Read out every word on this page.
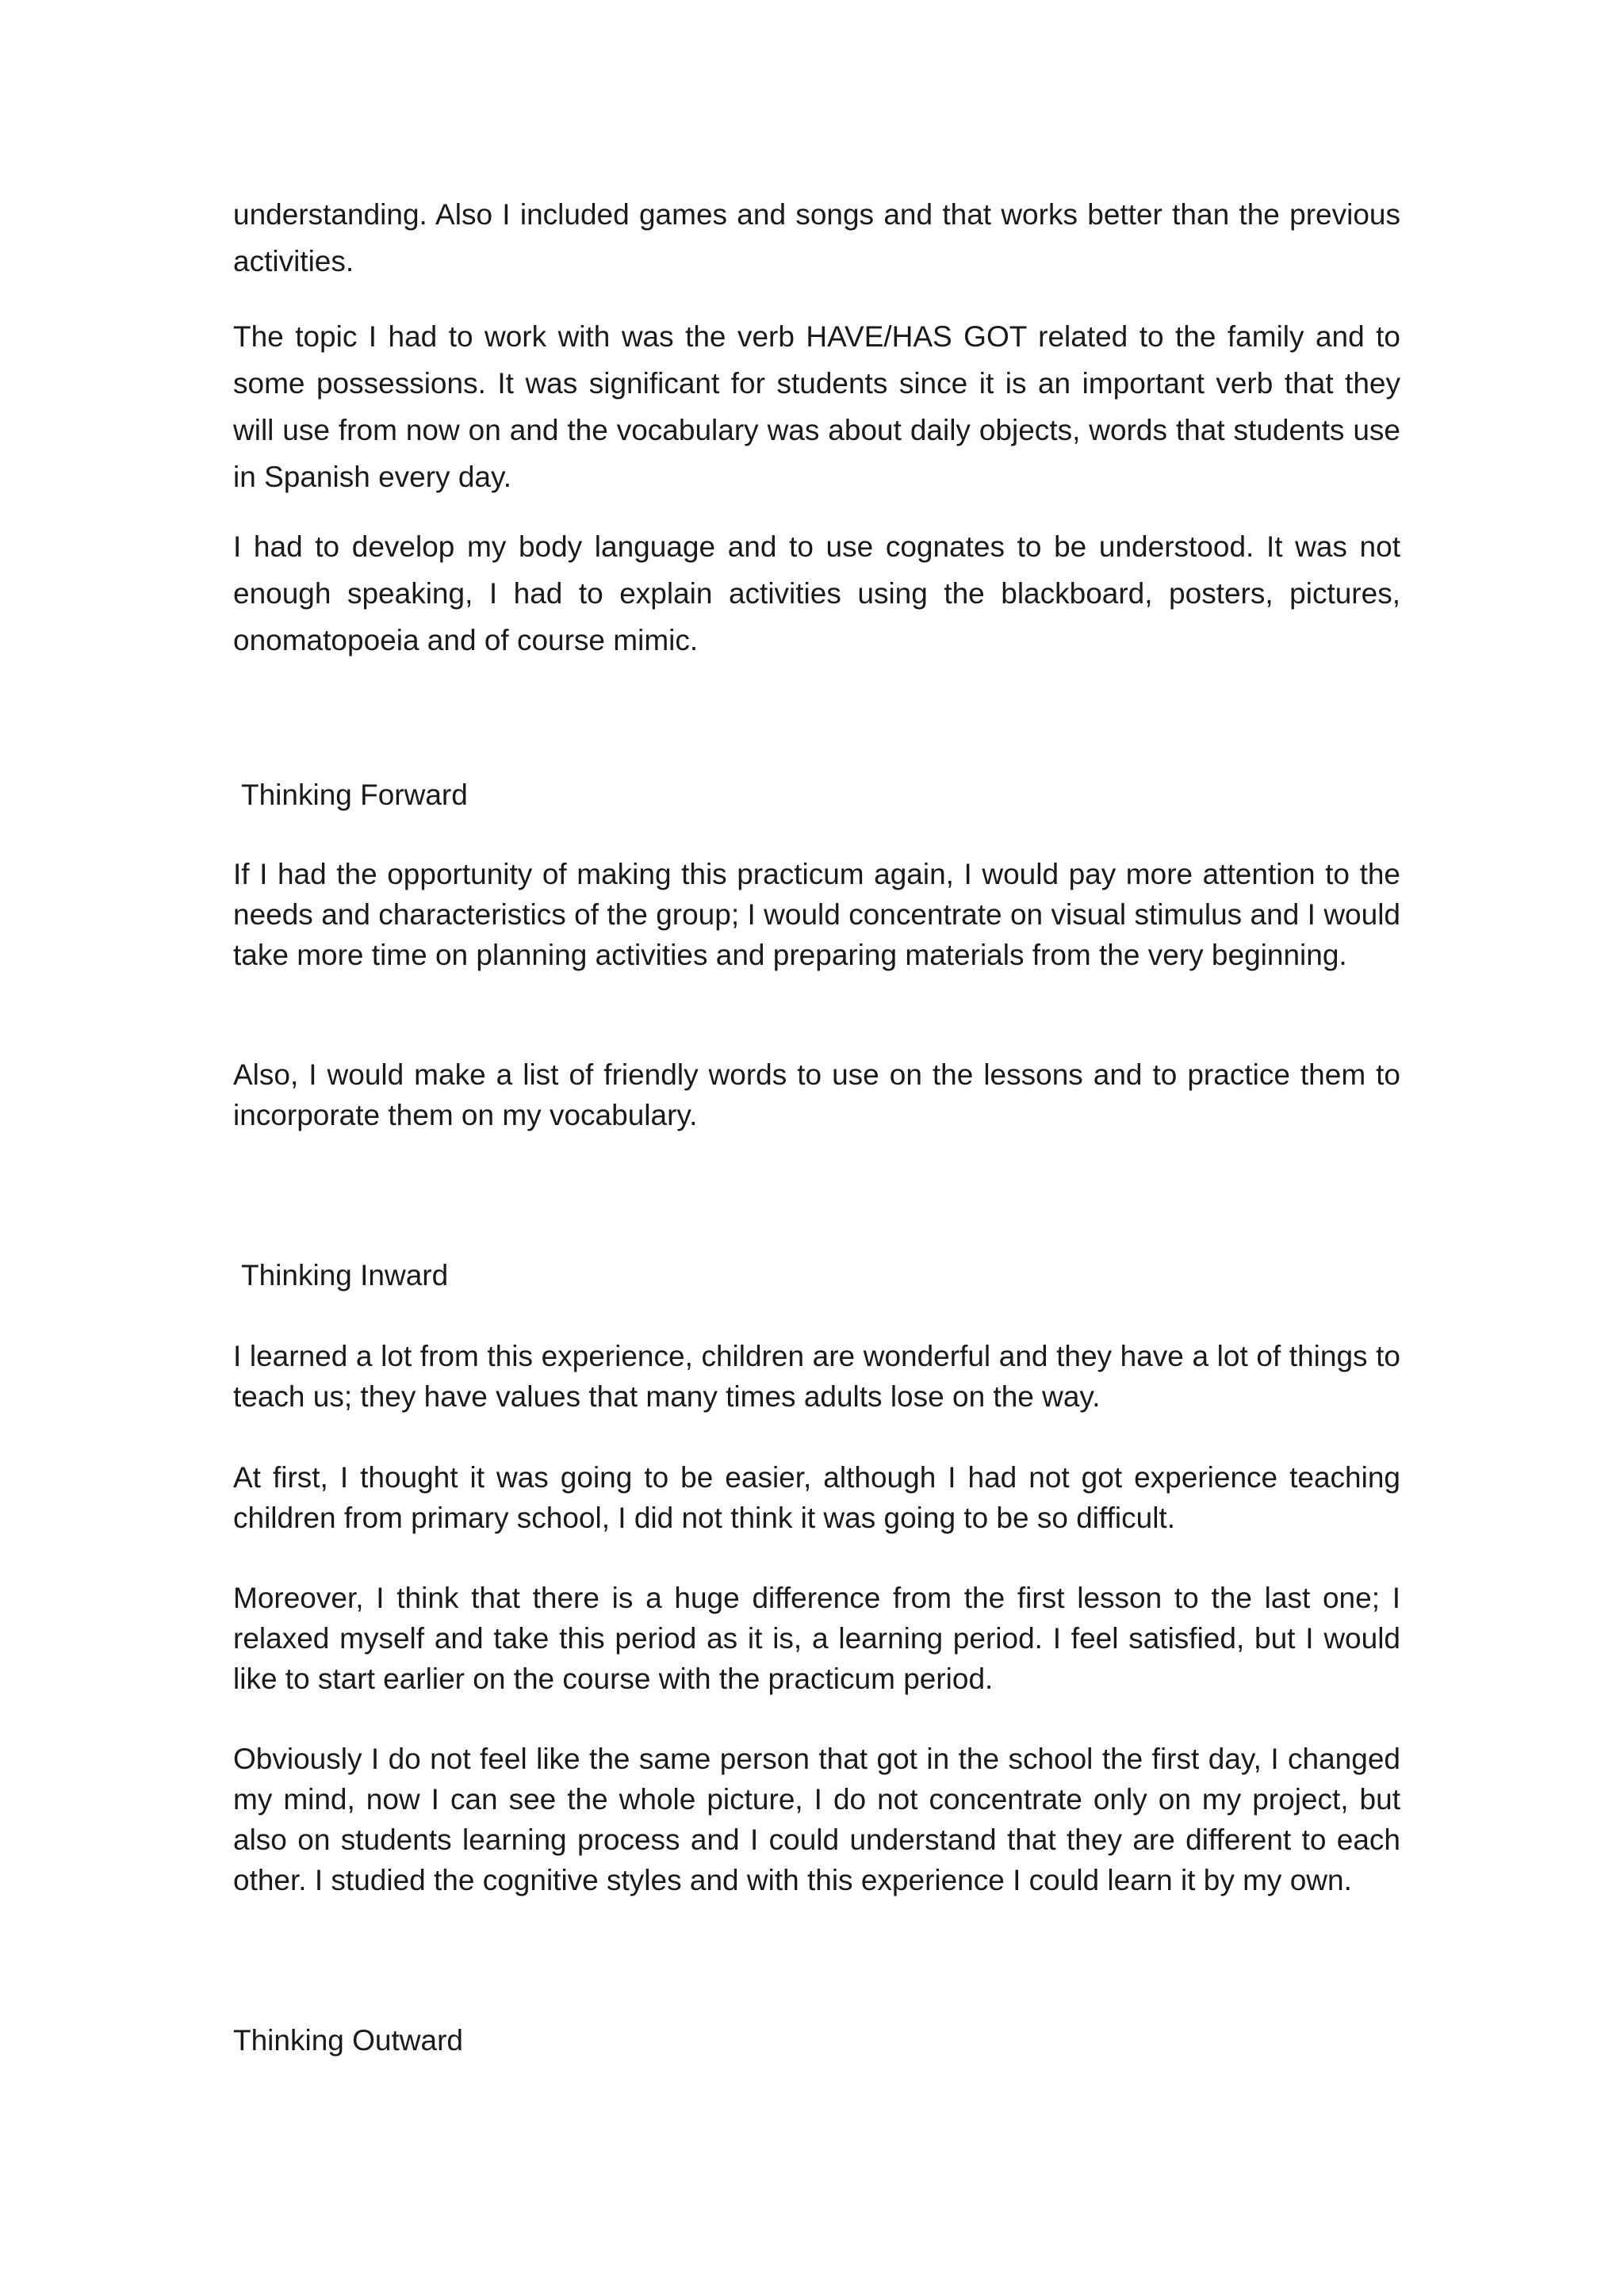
understanding. Also I included games and songs and that works better than the previous activities.

The topic I had to work with was the verb HAVE/HAS GOT related to the family and to some possessions. It was significant for students since it is an important verb that they will use from now on and the vocabulary was about daily objects, words that students use in Spanish every day.

I had to develop my body language and to use cognates to be understood. It was not enough speaking, I had to explain activities using the blackboard, posters, pictures, onomatopoeia and of course mimic.

Thinking Forward

If I had the opportunity of making this practicum again, I would pay more attention to the needs and characteristics of the group; I would concentrate on visual stimulus and I would take more time on planning activities and preparing materials from the very beginning.

Also, I would make a list of friendly words to use on the lessons and to practice them to incorporate them on my vocabulary.

Thinking Inward

I learned a lot from this experience, children are wonderful and they have a lot of things to teach us; they have values that many times adults lose on the way.

At first, I thought it was going to be easier, although I had not got experience teaching children from primary school, I did not think it was going to be so difficult.

Moreover, I think that there is a huge difference from the first lesson to the last one; I relaxed myself and take this period as it is, a learning period. I feel satisfied, but I would like to start earlier on the course with the practicum period.

Obviously I do not feel like the same person that got in the school the first day, I changed my mind, now I can see the whole picture, I do not concentrate only on my project, but also on students learning process and I could understand that they are different to each other. I studied the cognitive styles and with this experience I could learn it by my own.

Thinking Outward
